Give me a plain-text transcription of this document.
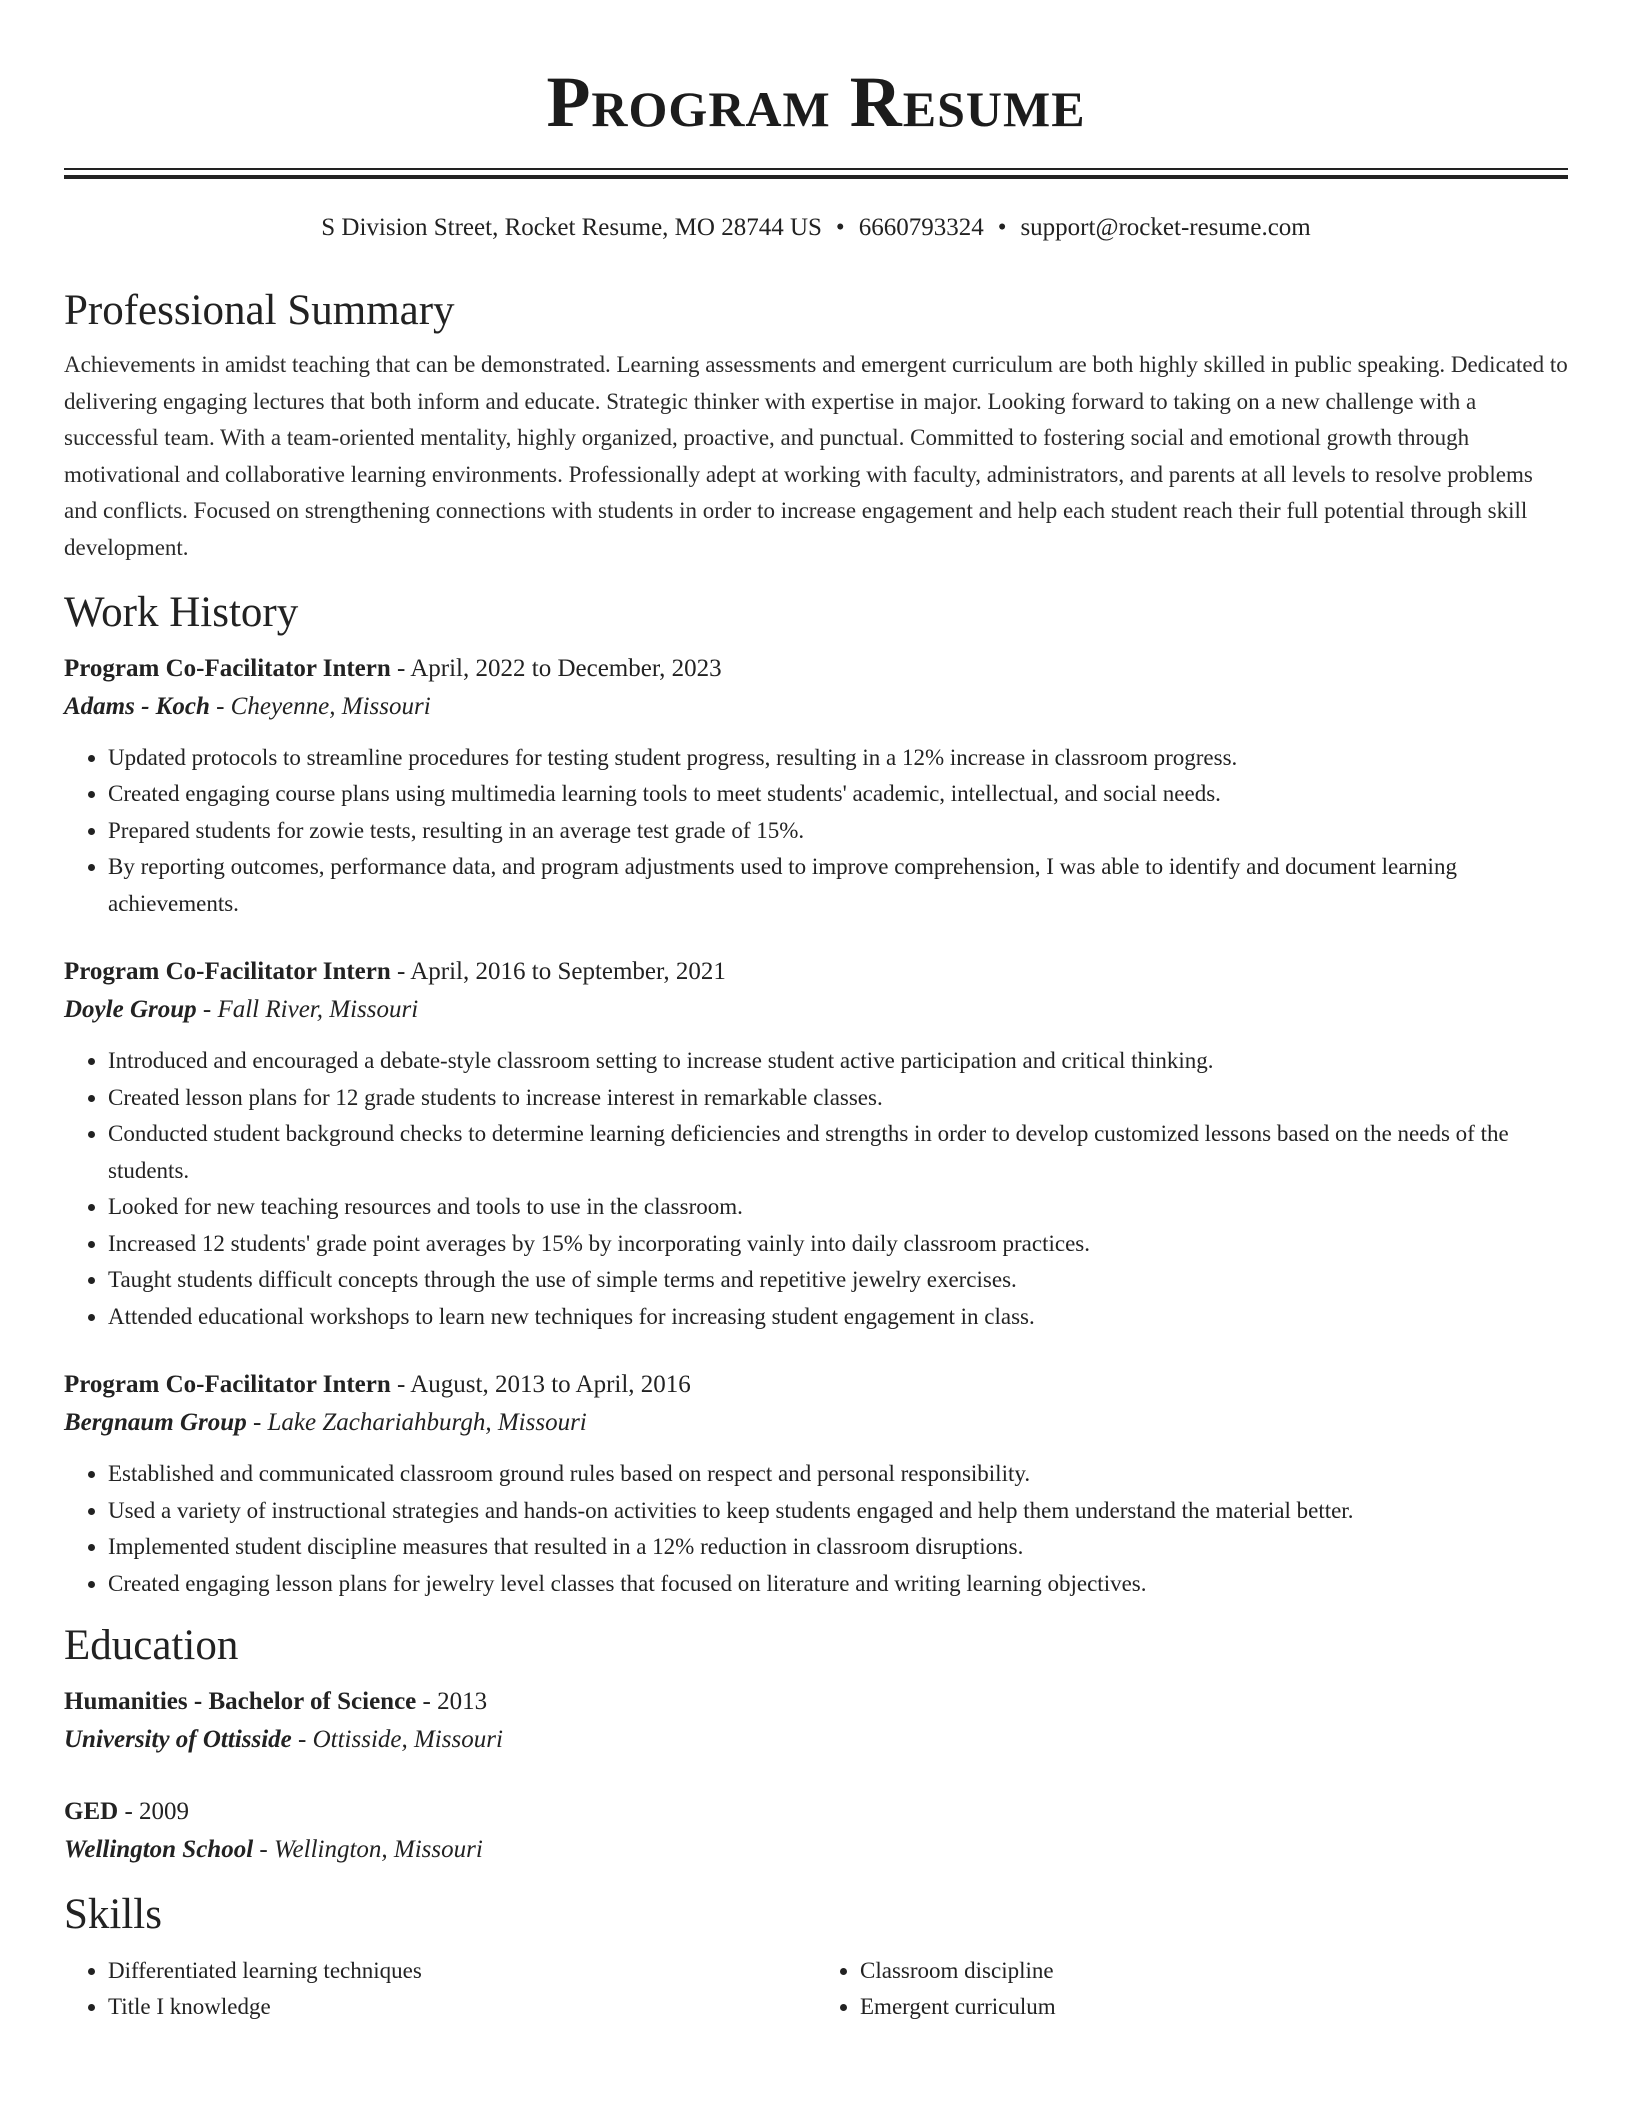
Program Resume
S Division Street, Rocket Resume, MO 28744 US • 6660793324 • support@rocket-resume.com
Professional Summary

Achievements in amidst teaching that can be demonstrated. Learning assessments and emergent curriculum are both highly skilled in public speaking. Dedicated to delivering engaging lectures that both inform and educate. Strategic thinker with expertise in major. Looking forward to taking on a new challenge with a successful team. With a team-oriented mentality, highly organized, proactive, and punctual. Committed to fostering social and emotional growth through motivational and collaborative learning environments. Professionally adept at working with faculty, administrators, and parents at all levels to resolve problems and conflicts. Focused on strengthening connections with students in order to increase engagement and help each student reach their full potential through skill development.

Work History

Program Co-Facilitator Intern - April, 2022 to December, 2023

Adams - Koch - Cheyenne, Missouri

• Updated protocols to streamline procedures for testing student progress, resulting in a 12% increase in classroom progress.
• Created engaging course plans using multimedia learning tools to meet students' academic, intellectual, and social needs.
• Prepared students for zowie tests, resulting in an average test grade of 15%.
• By reporting outcomes, performance data, and program adjustments used to improve comprehension, I was able to identify and document learning achievements.

Program Co-Facilitator Intern - April, 2016 to September, 2021

Doyle Group - Fall River, Missouri

• Introduced and encouraged a debate-style classroom setting to increase student active participation and critical thinking.
• Created lesson plans for 12 grade students to increase interest in remarkable classes.
• Conducted student background checks to determine learning deficiencies and strengths in order to develop customized lessons based on the needs of the students.
• Looked for new teaching resources and tools to use in the classroom.
• Increased 12 students' grade point averages by 15% by incorporating vainly into daily classroom practices.
• Taught students difficult concepts through the use of simple terms and repetitive jewelry exercises.
• Attended educational workshops to learn new techniques for increasing student engagement in class.

Program Co-Facilitator Intern - August, 2013 to April, 2016

Bergnaum Group - Lake Zachariahburgh, Missouri

• Established and communicated classroom ground rules based on respect and personal responsibility.
• Used a variety of instructional strategies and hands-on activities to keep students engaged and help them understand the material better.
• Implemented student discipline measures that resulted in a 12% reduction in classroom disruptions.
• Created engaging lesson plans for jewelry level classes that focused on literature and writing learning objectives.
Education

Humanities - Bachelor of Science - 2013

University of Ottisside - Ottisside, Missouri

GED - 2009

Wellington School - Wellington, Missouri

Skills
• Differentiated learning techniques
• Title I knowledge
• Classroom discipline
• Emergent curriculum
